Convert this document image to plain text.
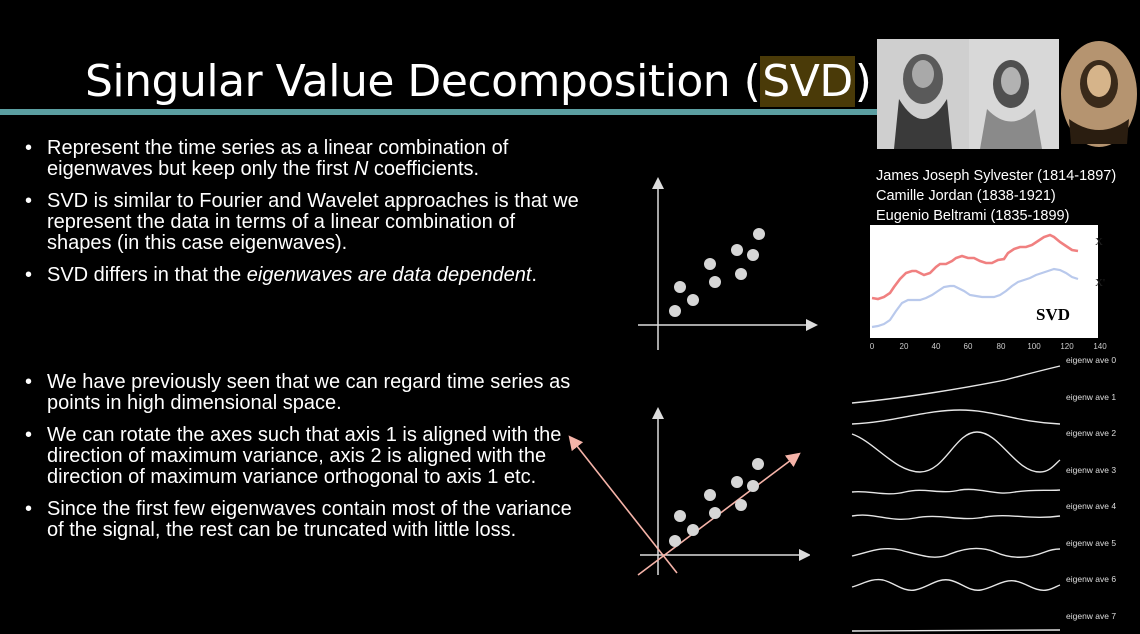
Singular Value Decomposition (SVD)
• Represent the time series as a linear combination of eigenwaves but keep only the first N coefficients.
• SVD is similar to Fourier and Wavelet approaches is that we represent the data in terms of a linear combination of shapes (in this case eigenwaves).
• SVD differs in that the eigenwaves are data dependent.
• We have previously seen that we can regard time series as points in high dimensional space.
• We can rotate the axes such that axis 1 is aligned with the direction of maximum variance, axis 2 is aligned with the direction of maximum variance orthogonal to axis 1 etc.
• Since the first few eigenwaves contain most of the variance of the signal, the rest can be truncated with little loss.
James Joseph Sylvester (1814-1897)
Camille Jordan (1838-1921)
Eugenio Beltrami (1835-1899)
SVD
X
X'
0	20	40	60	80	100 120 140
eigenw ave 0
eigenw ave 1
eigenw ave 2
eigenw ave 3
eigenw ave 4
eigenw ave 5
eigenw ave 6
eigenw ave 7
